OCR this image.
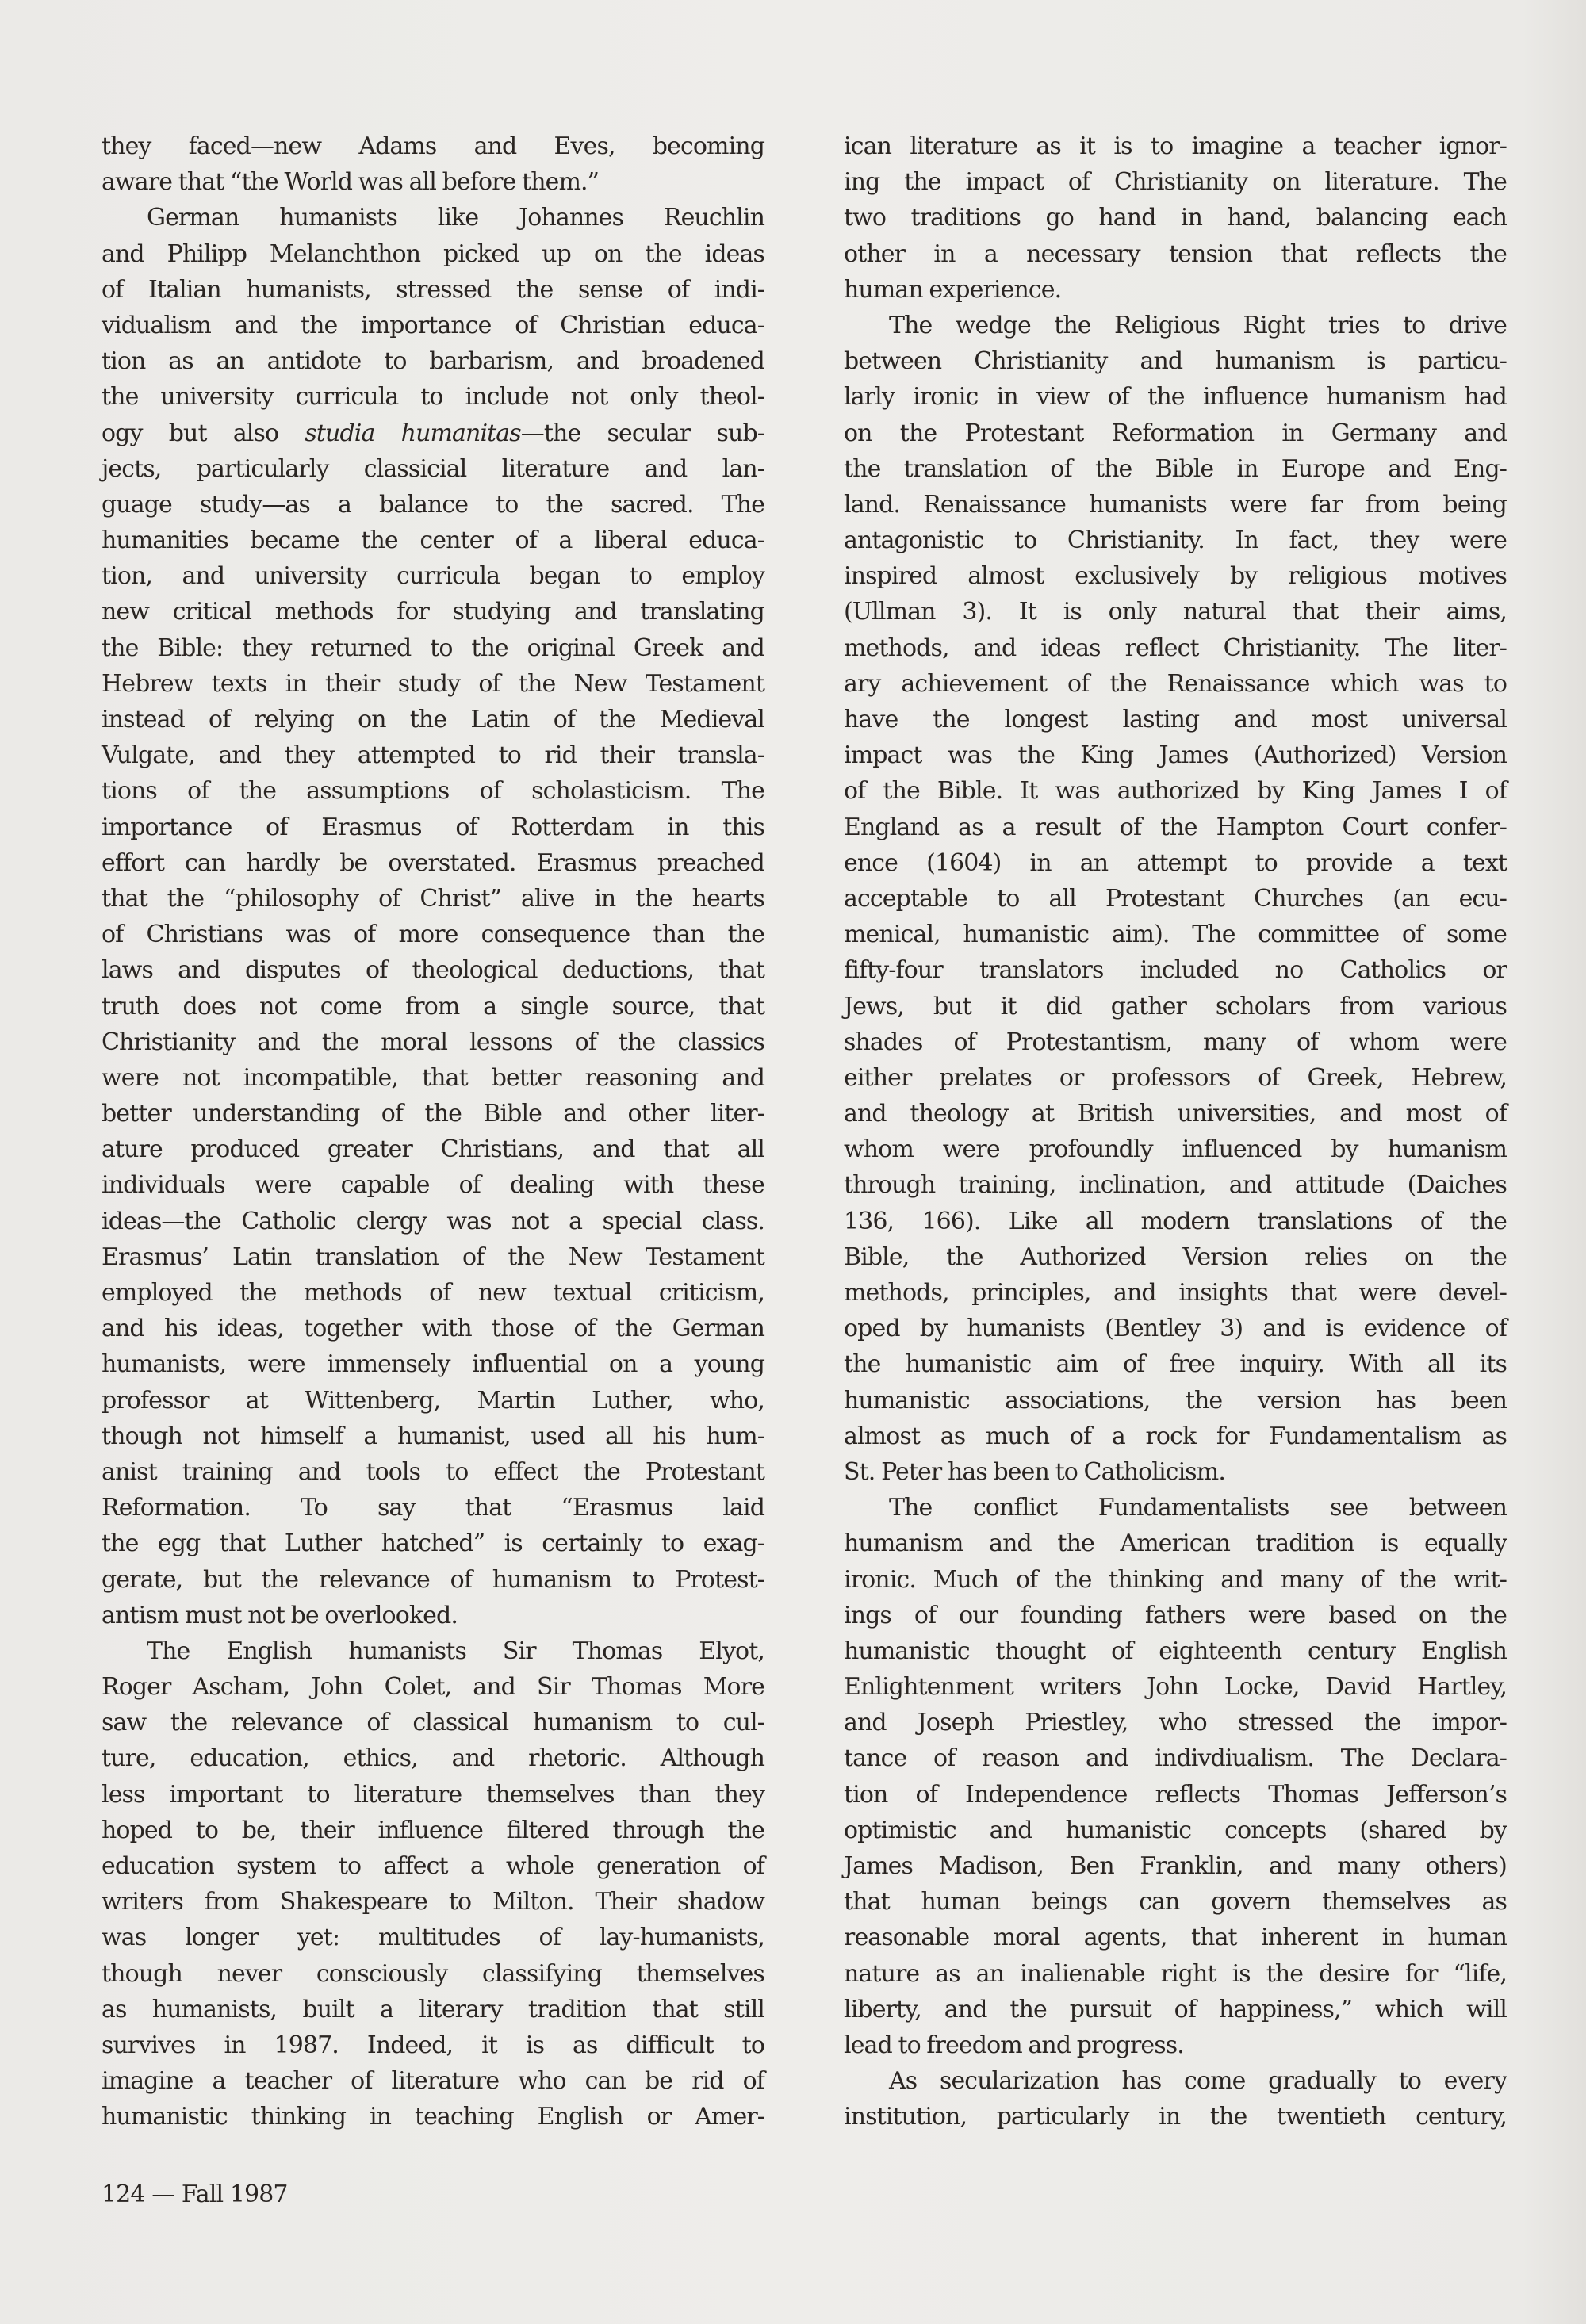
they faced—new Adams and Eves, becoming
aware that “the World was all before them.”
German humanists like Johannes Reuchlin
and Philipp Melanchthon picked up on the ideas
of Italian humanists, stressed the sense of indi-
vidualism and the importance of Christian educa-
tion as an antidote to barbarism, and broadened
the university curricula to include not only theol-
ogy but also studia humanitas—the secular sub-
jects, particularly classicial literature and lan-
guage study—as a balance to the sacred. The
humanities became the center of a liberal educa-
tion, and university curricula began to employ
new critical methods for studying and translating
the Bible: they returned to the original Greek and
Hebrew texts in their study of the New Testament
instead of relying on the Latin of the Medieval
Vulgate, and they attempted to rid their transla-
tions of the assumptions of scholasticism. The
importance of Erasmus of Rotterdam in this
effort can hardly be overstated. Erasmus preached
that the “philosophy of Christ” alive in the hearts
of Christians was of more consequence than the
laws and disputes of theological deductions, that
truth does not come from a single source, that
Christianity and the moral lessons of the classics
were not incompatible, that better reasoning and
better understanding of the Bible and other liter-
ature produced greater Christians, and that all
individuals were capable of dealing with these
ideas—the Catholic clergy was not a special class.
Erasmus’ Latin translation of the New Testament
employed the methods of new textual criticism,
and his ideas, together with those of the German
humanists, were immensely influential on a young
professor at Wittenberg, Martin Luther, who,
though not himself a humanist, used all his hum-
anist training and tools to effect the Protestant
Reformation. To say that “Erasmus laid
the egg that Luther hatched” is certainly to exag-
gerate, but the relevance of humanism to Protest-
antism must not be overlooked.
The English humanists Sir Thomas Elyot,
Roger Ascham, John Colet, and Sir Thomas More
saw the relevance of classical humanism to cul-
ture, education, ethics, and rhetoric. Although
less important to literature themselves than they
hoped to be, their influence filtered through the
education system to affect a whole generation of
writers from Shakespeare to Milton. Their shadow
was longer yet: multitudes of lay-humanists,
though never consciously classifying themselves
as humanists, built a literary tradition that still
survives in 1987. Indeed, it is as difficult to
imagine a teacher of literature who can be rid of
humanistic thinking in teaching English or Amer-
ican literature as it is to imagine a teacher ignor-
ing the impact of Christianity on literature. The
two traditions go hand in hand, balancing each
other in a necessary tension that reflects the
human experience.
The wedge the Religious Right tries to drive
between Christianity and humanism is particu-
larly ironic in view of the influence humanism had
on the Protestant Reformation in Germany and
the translation of the Bible in Europe and Eng-
land. Renaissance humanists were far from being
antagonistic to Christianity. In fact, they were
inspired almost exclusively by religious motives
(Ullman 3). It is only natural that their aims,
methods, and ideas reflect Christianity. The liter-
ary achievement of the Renaissance which was to
have the longest lasting and most universal
impact was the King James (Authorized) Version
of the Bible. It was authorized by King James I of
England as a result of the Hampton Court confer-
ence (1604) in an attempt to provide a text
acceptable to all Protestant Churches (an ecu-
menical, humanistic aim). The committee of some
fifty-four translators included no Catholics or
Jews, but it did gather scholars from various
shades of Protestantism, many of whom were
either prelates or professors of Greek, Hebrew,
and theology at British universities, and most of
whom were profoundly influenced by humanism
through training, inclination, and attitude (Daiches
136, 166). Like all modern translations of the
Bible, the Authorized Version relies on the
methods, principles, and insights that were devel-
oped by humanists (Bentley 3) and is evidence of
the humanistic aim of free inquiry. With all its
humanistic associations, the version has been
almost as much of a rock for Fundamentalism as
St. Peter has been to Catholicism.
The conflict Fundamentalists see between
humanism and the American tradition is equally
ironic. Much of the thinking and many of the writ-
ings of our founding fathers were based on the
humanistic thought of eighteenth century English
Enlightenment writers John Locke, David Hartley,
and Joseph Priestley, who stressed the impor-
tance of reason and indivdiualism. The Declara-
tion of Independence reflects Thomas Jefferson’s
optimistic and humanistic concepts (shared by
James Madison, Ben Franklin, and many others)
that human beings can govern themselves as
reasonable moral agents, that inherent in human
nature as an inalienable right is the desire for “life,
liberty, and the pursuit of happiness,” which will
lead to freedom and progress.
As secularization has come gradually to every
institution, particularly in the twentieth century,
124 — Fall 1987
